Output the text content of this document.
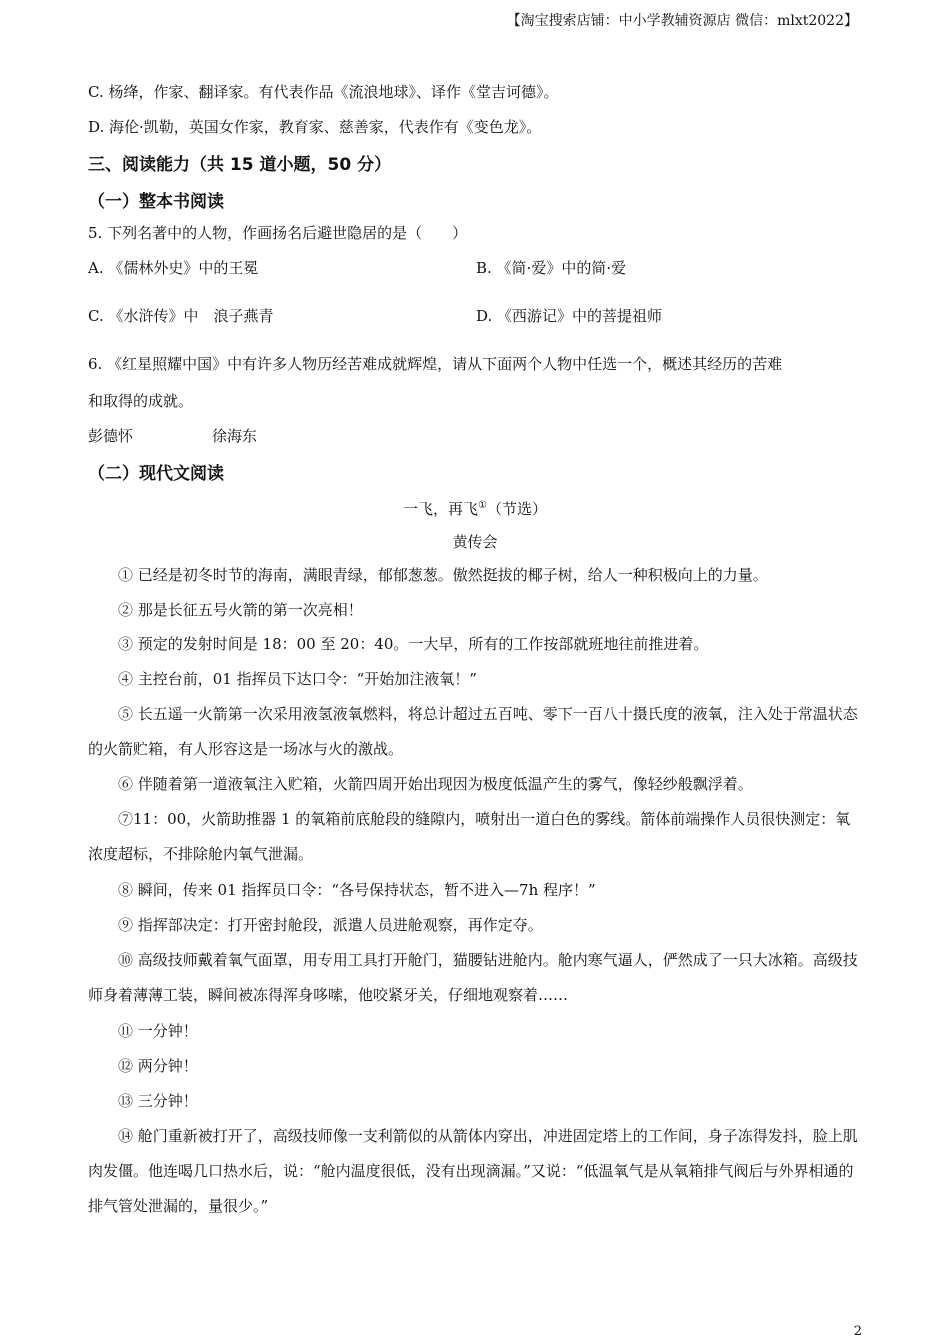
【淘宝搜索店铺：中小学教辅资源店 微信：mlxt2022】
C. 杨绛，作家、翻译家。有代表作品《流浪地球》、译作《堂吉诃德》。
D. 海伦·凯勒，英国女作家，教育家、慈善家，代表作有《变色龙》。
三、阅读能力（共 15 道小题，50 分）
（一）整本书阅读
5. 下列名著中的人物，作画扬名后避世隐居的是（　　）
A. 《儒林外史》中的王冕	B. 《简·爱》中的简·爱
C. 《水浒传》中　浪子燕青	D. 《西游记》中的菩提祖师
6. 《红星照耀中国》中有许多人物历经苦难成就辉煌，请从下面两个人物中任选一个，概述其经历的苦难
和取得的成就。
彭德怀	徐海东
（二）现代文阅读
一飞，再飞①（节选）
黄传会
① 已经是初冬时节的海南，满眼青绿，郁郁葱葱。傲然挺拔的椰子树，给人一种积极向上的力量。
② 那是长征五号火箭的第一次亮相！
③ 预定的发射时间是 18：00 至 20：40。一大早，所有的工作按部就班地往前推进着。
④ 主控台前，01 指挥员下达口令：“开始加注液氧！”
⑤ 长五遥一火箭第一次采用液氢液氧燃料，将总计超过五百吨、零下一百八十摄氏度的液氧，注入处于常温状态的火箭贮箱，有人形容这是一场冰与火的激战。
⑥ 伴随着第一道液氧注入贮箱，火箭四周开始出现因为极度低温产生的雾气，像轻纱般飘浮着。
⑦11：00，火箭助推器 1 的氧箱前底舱段的缝隙内，喷射出一道白色的雾线。箭体前端操作人员很快测定：氧浓度超标，不排除舱内氧气泄漏。
⑧ 瞬间，传来 01 指挥员口令：“各号保持状态，暂不进入—7h 程序！”
⑨ 指挥部决定：打开密封舱段，派遣人员进舱观察，再作定夺。
⑩ 高级技师戴着氧气面罩，用专用工具打开舱门，猫腰钻进舱内。舱内寒气逼人，俨然成了一只大冰箱。高级技师身着薄薄工装，瞬间被冻得浑身哆嗦，他咬紧牙关，仔细地观察着……
⑪ 一分钟！
⑫ 两分钟！
⑬ 三分钟！
⑭ 舱门重新被打开了，高级技师像一支利箭似的从箭体内穿出，冲进固定塔上的工作间，身子冻得发抖，脸上肌肉发僵。他连喝几口热水后，说：“舱内温度很低，没有出现滴漏。”又说：“低温氧气是从氧箱排气阀后与外界相通的排气管处泄漏的，量很少。”
2
